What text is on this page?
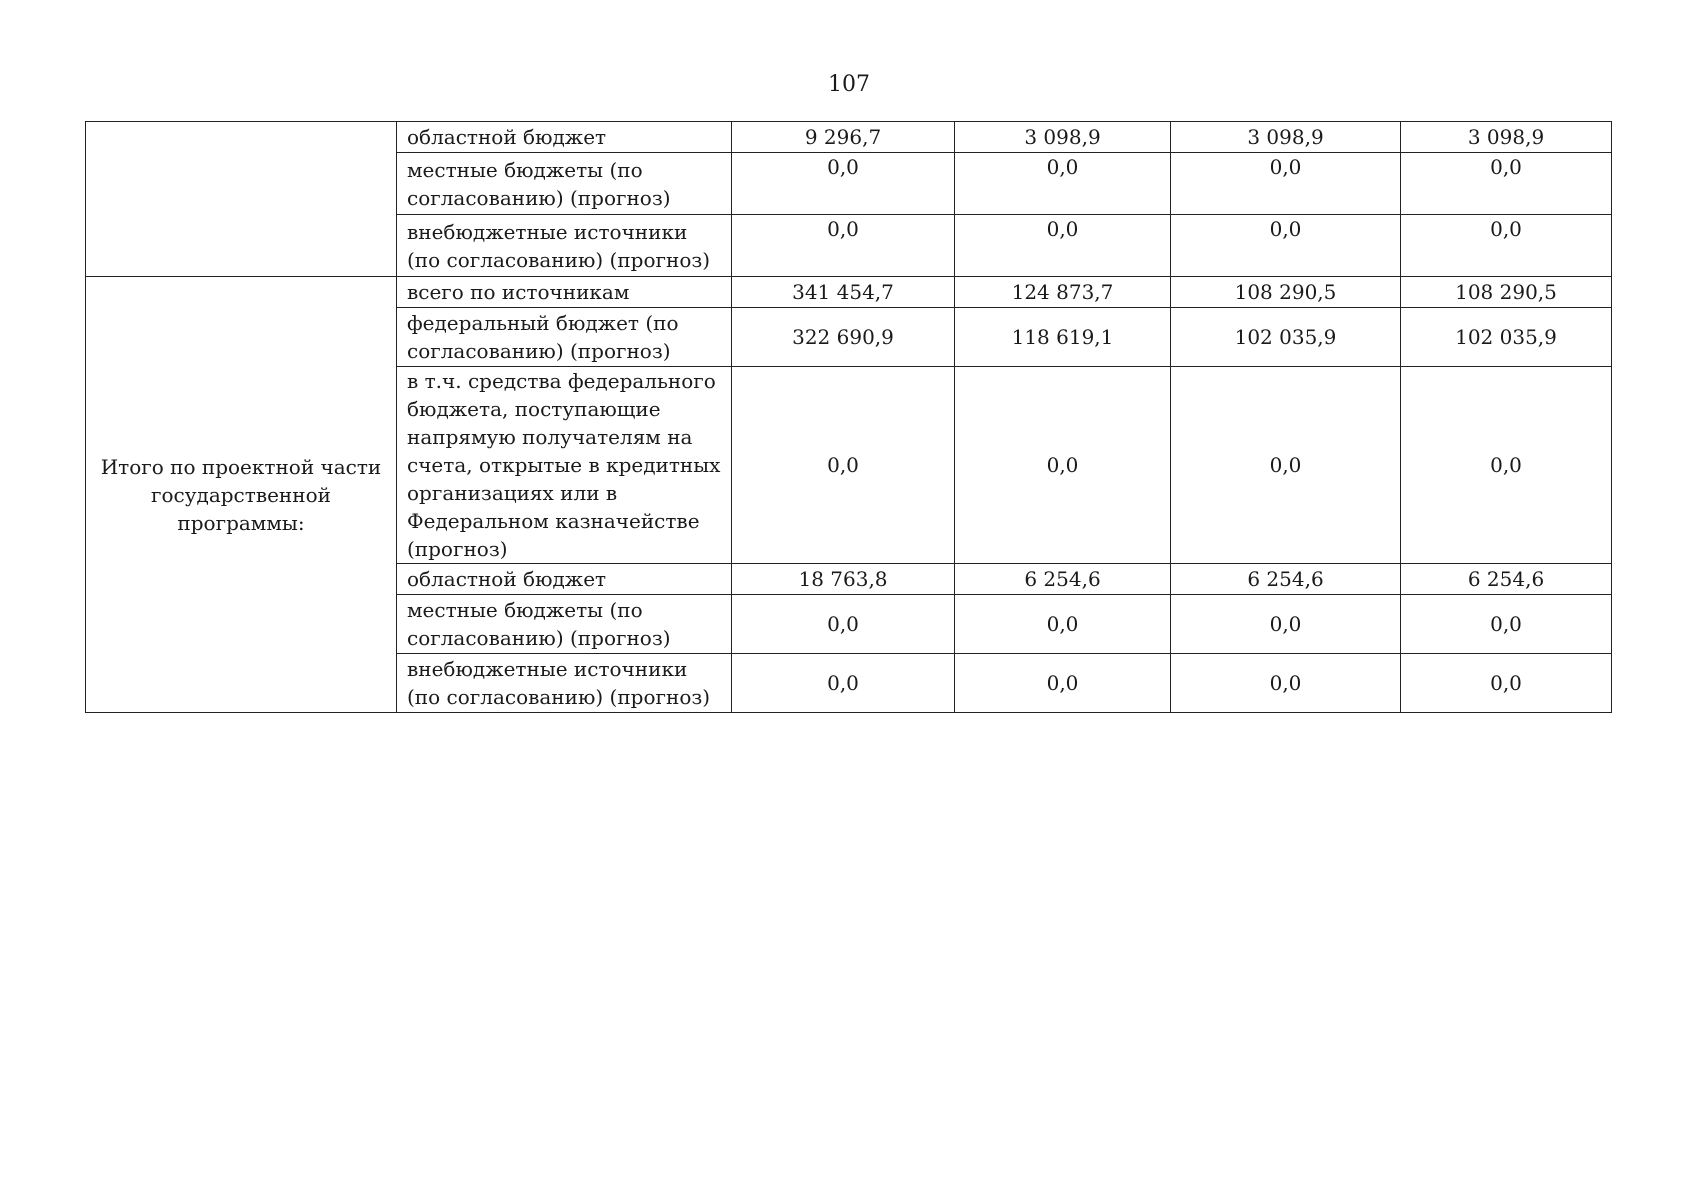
107
	областной бюджет	9 296,7	3 098,9	3 098,9	3 098,9
	местные бюджеты (по согласованию) (прогноз)	0,0	0,0	0,0	0,0
	внебюджетные источники (по согласованию) (прогноз)	0,0	0,0	0,0	0,0
Итого по проектной части государственной программы:	всего по источникам	341 454,7	124 873,7	108 290,5	108 290,5
	федеральный бюджет (по согласованию) (прогноз)	322 690,9	118 619,1	102 035,9	102 035,9
	в т.ч. средства федерального бюджета, поступающие напрямую получателям на счета, открытые в кредитных организациях или в Федеральном казначействе (прогноз)	0,0	0,0	0,0	0,0
	областной бюджет	18 763,8	6 254,6	6 254,6	6 254,6
	местные бюджеты (по согласованию) (прогноз)	0,0	0,0	0,0	0,0
	внебюджетные источники (по согласованию) (прогноз)	0,0	0,0	0,0	0,0
